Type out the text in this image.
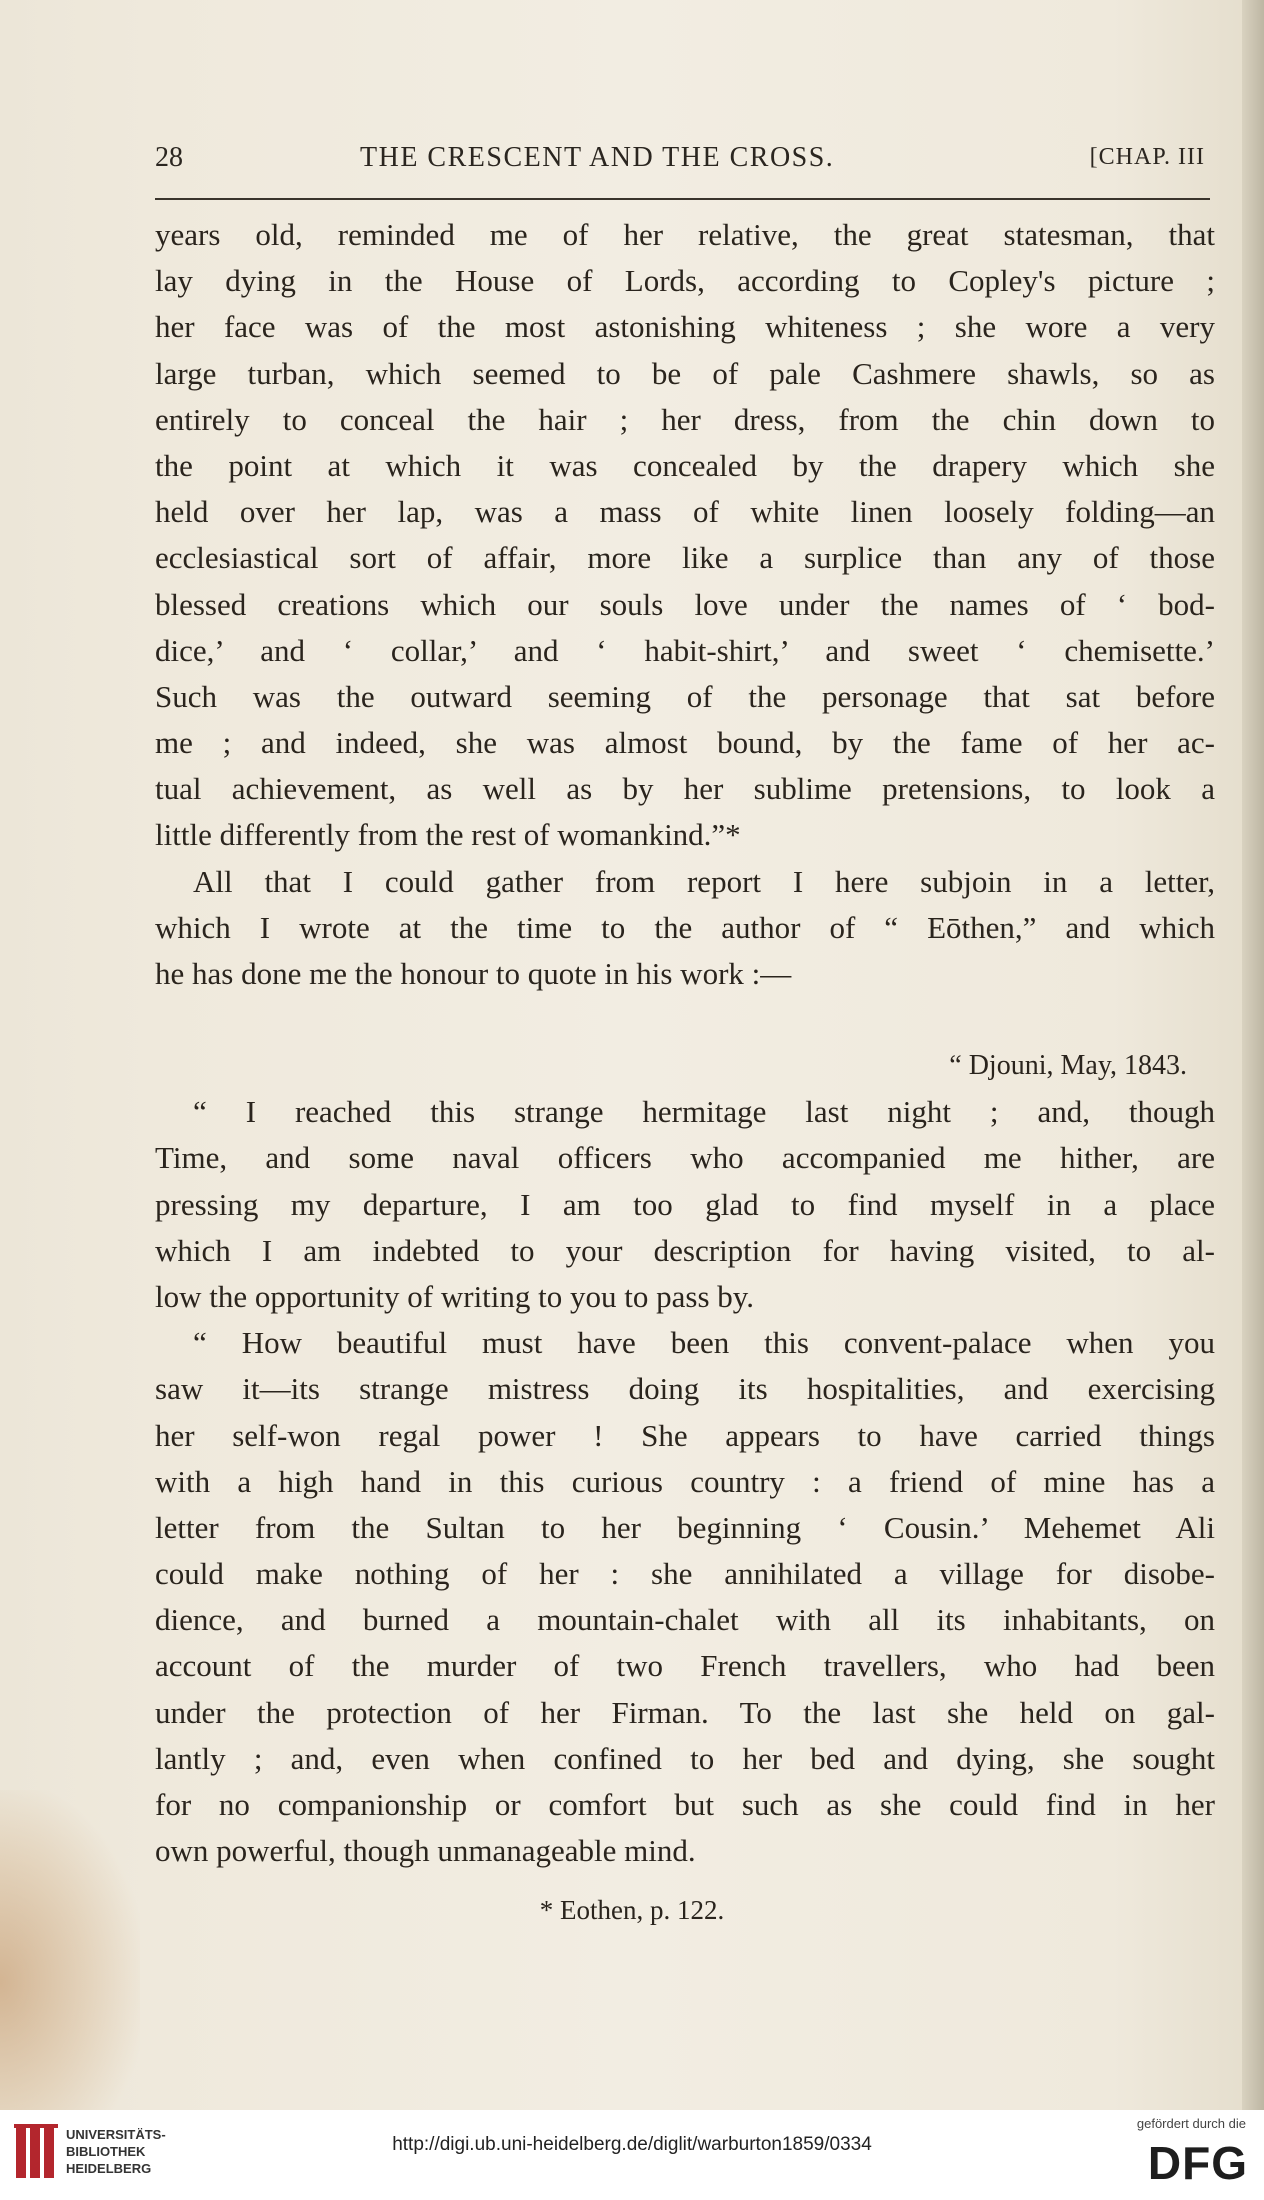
28	THE CRESCENT AND THE CROSS.	[CHAP. III
years old, reminded me of her relative, the great statesman, that
lay dying in the House of Lords, according to Copley's picture ;
her face was of the most astonishing whiteness ; she wore a very
large turban, which seemed to be of pale Cashmere shawls, so as
entirely to conceal the hair ; her dress, from the chin down to
the point at which it was concealed by the drapery which she
held over her lap, was a mass of white linen loosely folding—an
ecclesiastical sort of affair, more like a surplice than any of those
blessed creations which our souls love under the names of ‘ bod-
dice,’ and ‘ collar,’ and ‘ habit-shirt,’ and sweet ‘ chemisette.’
Such was the outward seeming of the personage that sat before
me ; and indeed, she was almost bound, by the fame of her ac-
tual achievement, as well as by her sublime pretensions, to look a
little differently from the rest of womankind.”*
All that I could gather from report I here subjoin in a letter,
which I wrote at the time to the author of “ Eōthen,” and which
he has done me the honour to quote in his work :—
“ Djouni, May, 1843.
“ I reached this strange hermitage last night ; and, though
Time, and some naval officers who accompanied me hither, are
pressing my departure, I am too glad to find myself in a place
which I am indebted to your description for having visited, to al-
low the opportunity of writing to you to pass by.
“ How beautiful must have been this convent-palace when you
saw it—its strange mistress doing its hospitalities, and exercising
her self-won regal power ! She appears to have carried things
with a high hand in this curious country : a friend of mine has a
letter from the Sultan to her beginning ‘ Cousin.’ Mehemet Ali
could make nothing of her : she annihilated a village for disobe-
dience, and burned a mountain-chalet with all its inhabitants, on
account of the murder of two French travellers, who had been
under the protection of her Firman. To the last she held on gal-
lantly ; and, even when confined to her bed and dying, she sought
for no companionship or comfort but such as she could find in her
own powerful, though unmanageable mind.
* Eothen, p. 122.
UNIVERSITÄTS-
BIBLIOTHEK
HEIDELBERG
http://digi.ub.uni-heidelberg.de/diglit/warburton1859/0334
gefördert durch die
DFG
